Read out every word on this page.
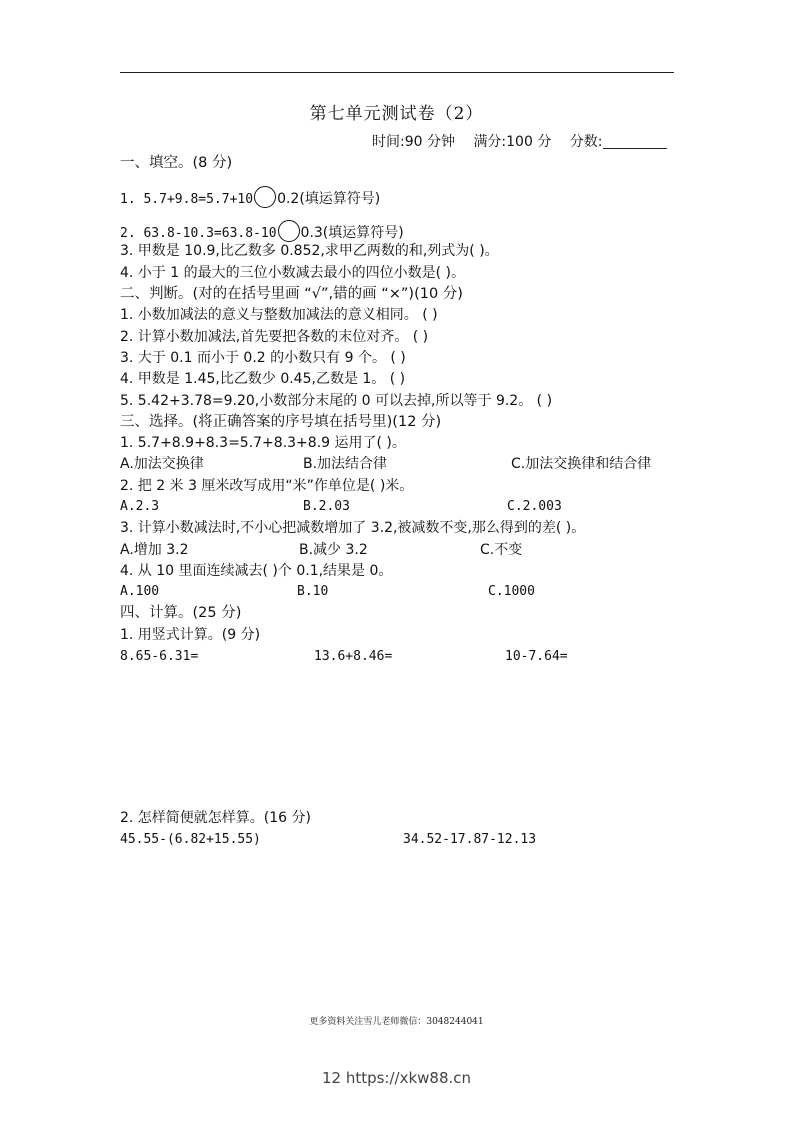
第七单元测试卷（2）
时间:90 分钟 满分:100 分 分数:
一、填空。(8 分)
1. 5.7+9.8=5.7+10 0.2(填运算符号)
2. 63.8-10.3=63.8-10 0.3(填运算符号)
3. 甲数是 10.9,比乙数多 0.852,求甲乙两数的和,列式为( )。
4. 小于 1 的最大的三位小数减去最小的四位小数是( )。
二、判断。(对的在括号里画 “√”,错的画 “×”)(10 分)
1. 小数加减法的意义与整数加减法的意义相同。 ( )
2. 计算小数加减法,首先要把各数的末位对齐。 ( )
3. 大于 0.1 而小于 0.2 的小数只有 9 个。 ( )
4. 甲数是 1.45,比乙数少 0.45,乙数是 1。 ( )
5. 5.42+3.78=9.20,小数部分末尾的 0 可以去掉,所以等于 9.2。 ( )
三、选择。(将正确答案的序号填在括号里)(12 分)
1. 5.7+8.9+8.3=5.7+8.3+8.9 运用了( )。
A.加法交换律	B.加法结合律	C.加法交换律和结合律
2. 把 2 米 3 厘米改写成用“米”作单位是( )米。
A.2.3	B.2.03	C.2.003
3. 计算小数减法时,不小心把减数增加了 3.2,被减数不变,那么得到的差( )。
A.增加 3.2	B.减少 3.2	C.不变
4. 从 10 里面连续减去( )个 0.1,结果是 0。
A.100	B.10	C.1000
四、计算。(25 分)
1. 用竖式计算。(9 分)
8.65-6.31=	13.6+8.46=	10-7.64=
2. 怎样简便就怎样算。(16 分)
45.55-(6.82+15.55)	34.52-17.87-12.13
更多资料关注雪儿老师微信：3048244041
12 https://xkw88.cn
